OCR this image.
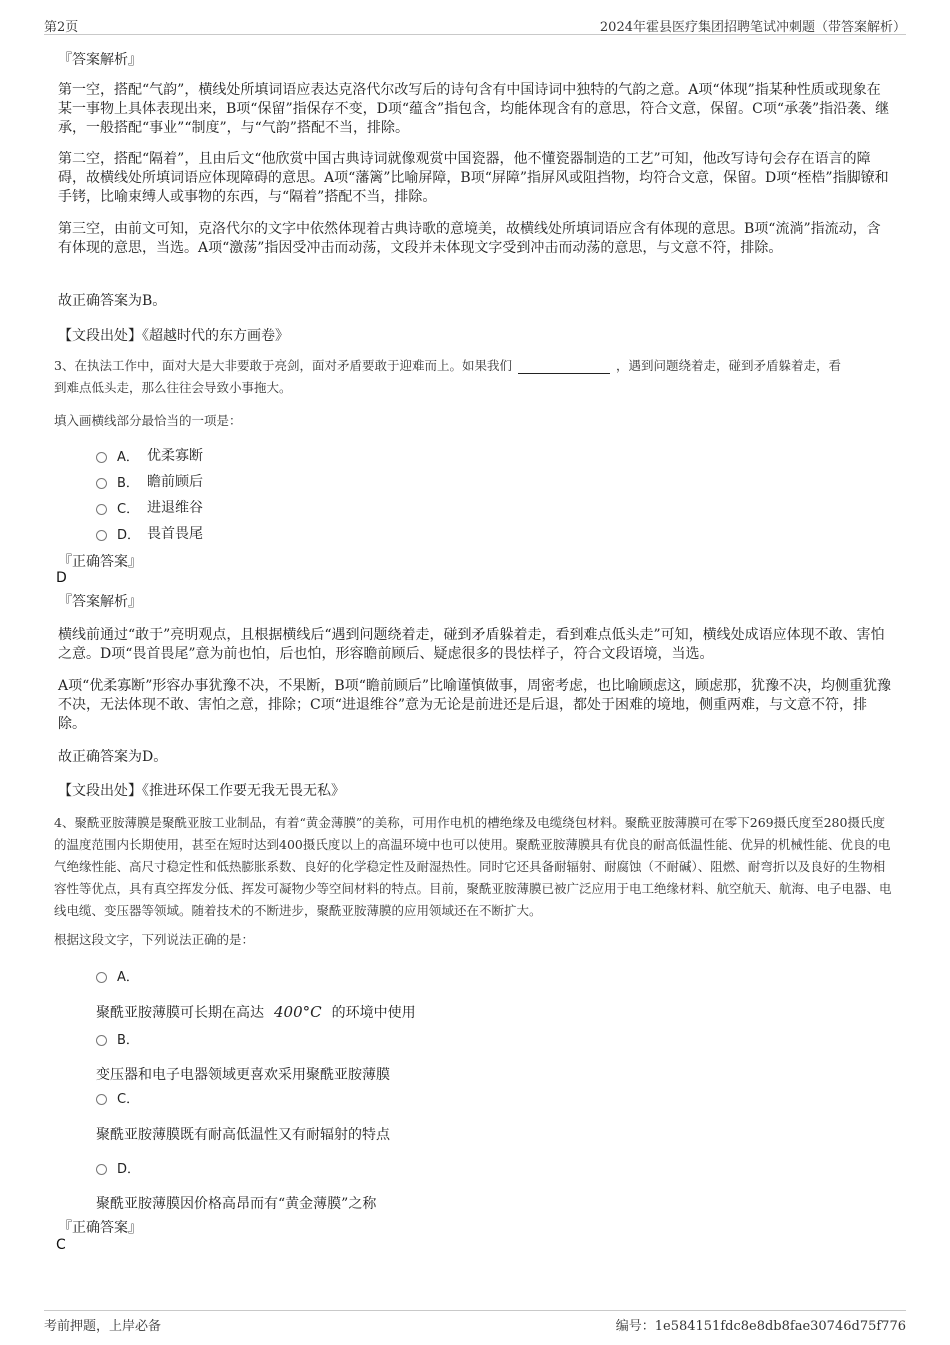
第2页	2024年霍县医疗集团招聘笔试冲刺题（带答案解析）
『答案解析』
第一空，搭配“气韵”，横线处所填词语应表达克洛代尔改写后的诗句含有中国诗词中独特的气韵之意。A项“体现”指某种性质或现象在某一事物上具体表现出来，B项“保留”指保存不变，D项“蕴含”指包含，均能体现含有的意思，符合文意，保留。C项“承袭”指沿袭、继承，一般搭配“事业”“制度”，与“气韵”搭配不当，排除。
第二空，搭配“隔着”，且由后文“他欣赏中国古典诗词就像观赏中国瓷器，他不懂瓷器制造的工艺”可知，他改写诗句会存在语言的障碍，故横线处所填词语应体现障碍的意思。A项“藩篱”比喻屏障，B项“屏障”指屏风或阻挡物，均符合文意，保留。D项“桎梏”指脚镣和手铐，比喻束缚人或事物的东西，与“隔着”搭配不当，排除。
第三空，由前文可知，克洛代尔的文字中依然体现着古典诗歌的意境美，故横线处所填词语应含有体现的意思。B项“流淌”指流动，含有体现的意思，当选。A项“激荡”指因受冲击而动荡，文段并未体现文字受到冲击而动荡的意思，与文意不符，排除。
故正确答案为B。
【文段出处】《超越时代的东方画卷》
3、在执法工作中，面对大是大非要敢于亮剑，面对矛盾要敢于迎难而上。如果我们	，遇到问题绕着走，碰到矛盾躲着走，看
到难点低头走，那么往往会导致小事拖大。
填入画横线部分最恰当的一项是：
A． 优柔寡断
B． 瞻前顾后
C． 进退维谷
D． 畏首畏尾
『正确答案』
D
『答案解析』
横线前通过“敢于”亮明观点，且根据横线后“遇到问题绕着走，碰到矛盾躲着走，看到难点低头走”可知，横线处成语应体现不敢、害怕之意。D项“畏首畏尾”意为前也怕，后也怕，形容瞻前顾后、疑虑很多的畏怯样子，符合文段语境，当选。
A项“优柔寡断”形容办事犹豫不决，不果断，B项“瞻前顾后”比喻谨慎做事，周密考虑，也比喻顾虑这，顾虑那，犹豫不决，均侧重犹豫不决，无法体现不敢、害怕之意，排除；C项“进退维谷”意为无论是前进还是后退，都处于困难的境地，侧重两难，与文意不符，排除。
故正确答案为D。
【文段出处】《推进环保工作要无我无畏无私》
4、聚酰亚胺薄膜是聚酰亚胺工业制品，有着“黄金薄膜”的美称，可用作电机的槽绝缘及电缆绕包材料。聚酰亚胺薄膜可在零下269摄氏度至280摄氏度的温度范围内长期使用，甚至在短时达到400摄氏度以上的高温环境中也可以使用。聚酰亚胺薄膜具有优良的耐高低温性能、优异的机械性能、优良的电气绝缘性能、高尺寸稳定性和低热膨胀系数、良好的化学稳定性及耐湿热性。同时它还具备耐辐射、耐腐蚀（不耐碱）、阻燃、耐弯折以及良好的生物相容性等优点，具有真空挥发分低、挥发可凝物少等空间材料的特点。目前，聚酰亚胺薄膜已被广泛应用于电工绝缘材料、航空航天、航海、电子电器、电线电缆、变压器等领域。随着技术的不断进步，聚酰亚胺薄膜的应用领域还在不断扩大。
根据这段文字，下列说法正确的是：
A．
聚酰亚胺薄膜可长期在高达 400°C 的环境中使用
B．
变压器和电子电器领域更喜欢采用聚酰亚胺薄膜
C．
聚酰亚胺薄膜既有耐高低温性又有耐辐射的特点
D．
聚酰亚胺薄膜因价格高昂而有“黄金薄膜”之称
『正确答案』
C
考前押题，上岸必备	编号：1e584151fdc8e8db8fae30746d75f776
